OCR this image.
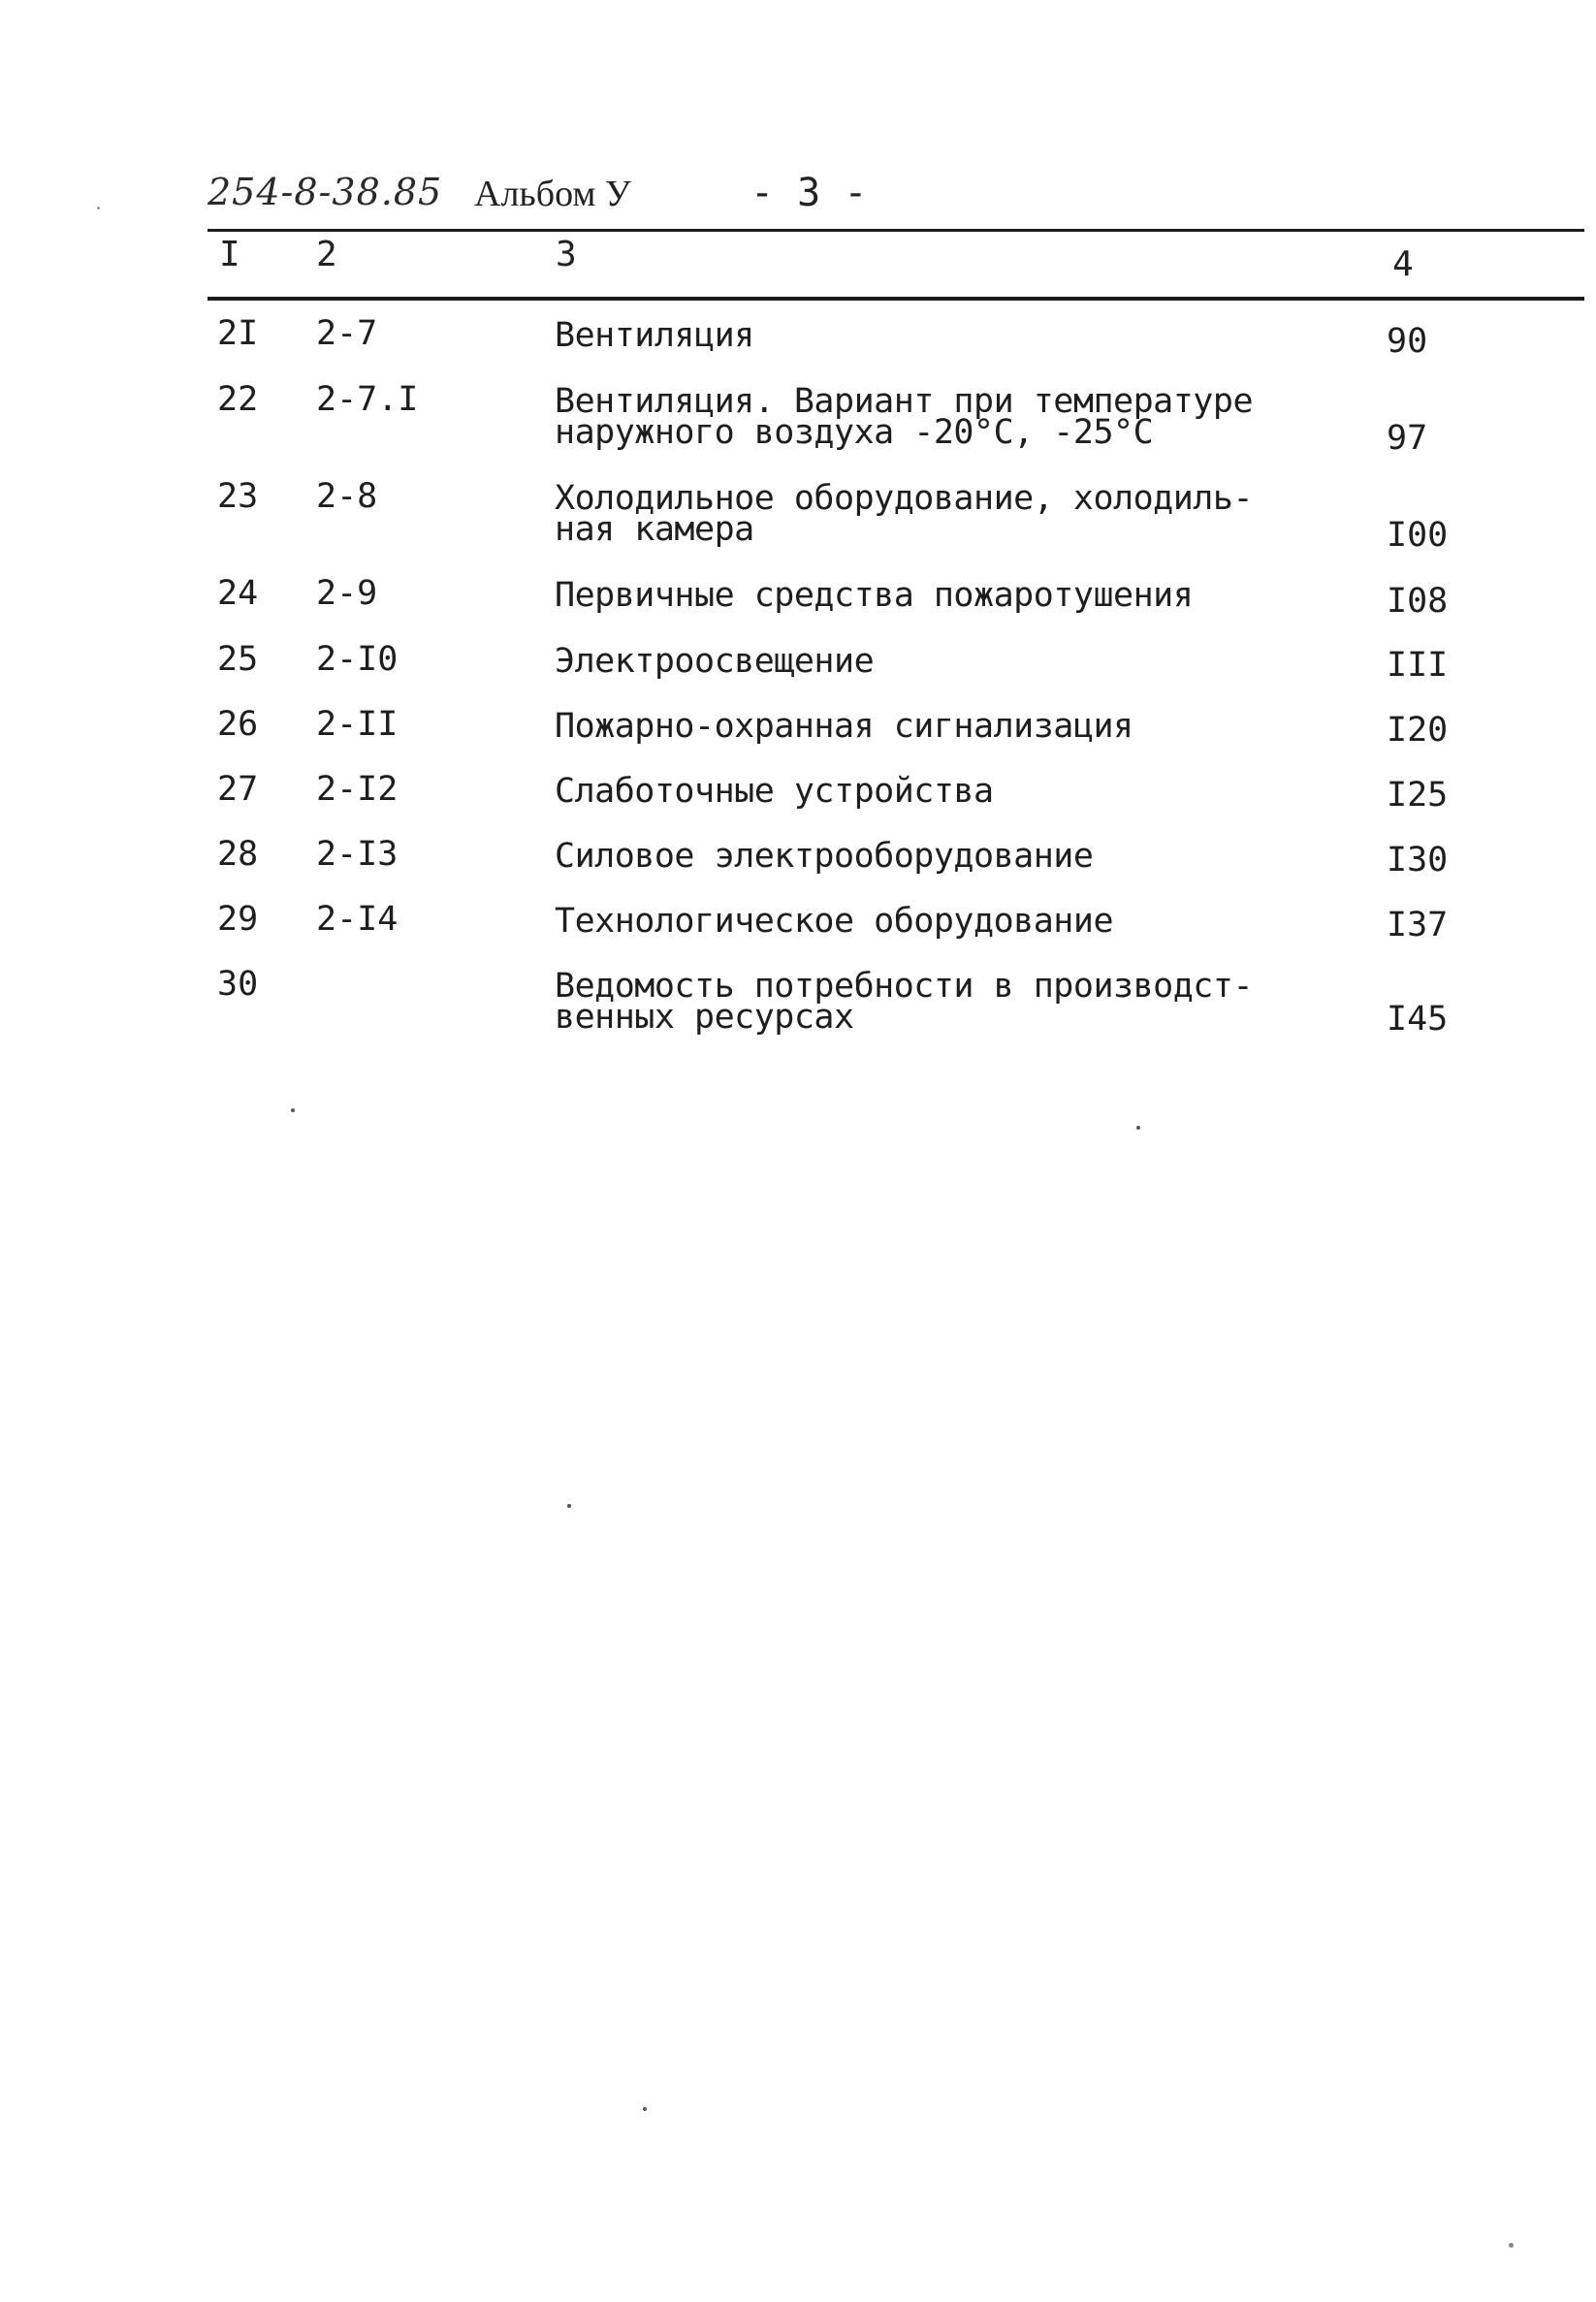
254-8-38.85 Альбом У	- 3 -
I 2	3	4
2I 2-7	Вентиляция	90
22 2-7.I	Вентиляция. Вариант при температуре
наружного воздуха -20°С, -25°С	97
23 2-8	Холодильное оборудование, холодиль-
ная камера	I00
24 2-9	Первичные средства пожаротушения	I08
25 2-I0	Электроосвещение	III
26 2-II	Пожарно-охранная сигнализация	I20
27 2-I2	Слаботочные устройства	I25
28 2-I3	Силовое электрооборудование	I30
29 2-I4	Технологическое оборудование	I37
30	Ведомость потребности в производст-
венных ресурсах	I45
